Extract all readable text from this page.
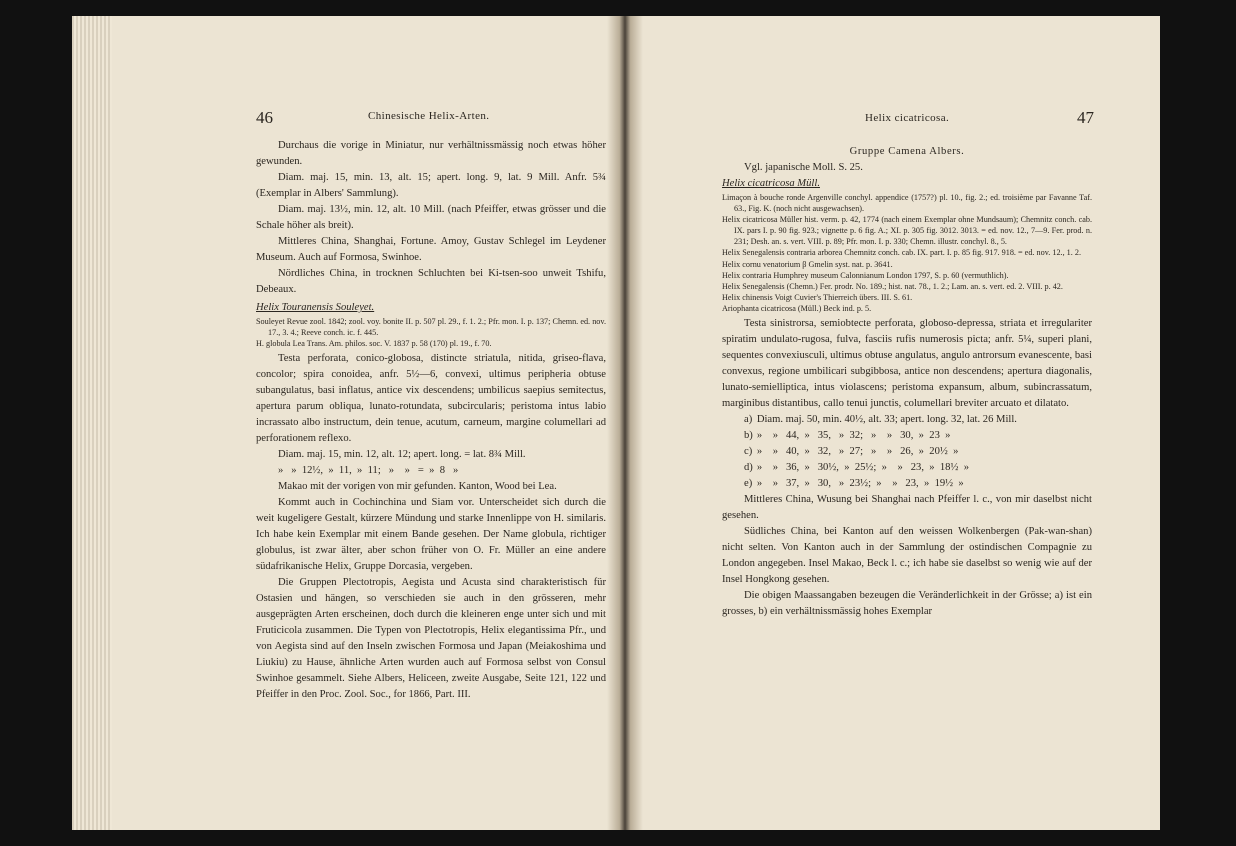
46	Chinesische Helix-Arten.

Durchaus die vorige in Miniatur, nur verhältnissmässig noch etwas höher gewunden.

Diam. maj. 15, min. 13, alt. 15; apert. long. 9, lat. 9 Mill. Anfr. 5¾ (Exemplar in Albers' Sammlung).

Diam. maj. 13½, min. 12, alt. 10 Mill. (nach Pfeiffer, etwas grösser und die Schale höher als breit).

Mittleres China, Shanghai, Fortune. Amoy, Gustav Schlegel im Leydener Museum. Auch auf Formosa, Swinhoe.

Nördliches China, in trocknen Schluchten bei Ki-tsen-soo unweit Tshifu, Debeaux.

Helix Touranensis Souleyet.

Souleyet Revue zool. 1842; zool. voy. bonite II. p. 507 pl. 29., f. 1. 2.; Pfr. mon. I. p. 137; Chemn. ed. nov. 17., 3. 4.; Reeve conch. ic. f. 445.

H. globula Lea Trans. Am. philos. soc. V. 1837 p. 58 (170) pl. 19., f. 70.

Testa perforata, conico-globosa, distincte striatula, nitida, griseo-flava, concolor; spira conoidea, anfr. 5½—6, convexi, ultimus peripheria obtuse subangulatus, basi inflatus, antice vix descendens; umbilicus saepius semitectus, apertura parum obliqua, lunato-rotundata, subcircularis; peristoma intus labio incrassato albo instructum, dein tenue, acutum, carneum, margine columellari ad perforationem reflexo.

Diam. maj. 15, min. 12, alt. 12; apert. long. = lat. 8¾ Mill.

»   »  12½,  »  11,  »  11;   »    »   =  »  8   »

Makao mit der vorigen von mir gefunden. Kanton, Wood bei Lea.

Kommt auch in Cochinchina und Siam vor. Unterscheidet sich durch die weit kugeligere Gestalt, kürzere Mündung und starke Innenlippe von H. similaris. Ich habe kein Exemplar mit einem Bande gesehen. Der Name globula, richtiger globulus, ist zwar älter, aber schon früher von O. Fr. Müller an eine andere südafrikanische Helix, Gruppe Dorcasia, vergeben.

Die Gruppen Plectotropis, Aegista und Acusta sind charakteristisch für Ostasien und hängen, so verschieden sie auch in den grösseren, mehr ausgeprägten Arten erscheinen, doch durch die kleineren enge unter sich und mit Fruticicola zusammen. Die Typen von Plectotropis, Helix elegantissima Pfr., und von Aegista sind auf den Inseln zwischen Formosa und Japan (Meiakoshima und Liukiu) zu Hause, ähnliche Arten wurden auch auf Formosa selbst von Consul Swinhoe gesammelt. Siehe Albers, Heliceen, zweite Ausgabe, Seite 121, 122 und Pfeiffer in den Proc. Zool. Soc., for 1866, Part. III.

Helix cicatricosa.	47

Gruppe Camena Albers.

Vgl. japanische Moll. S. 25.

Helix cicatricosa Müll.

Limaçon à bouche ronde Argenville conchyl. appendice (1757?) pl. 10., fig. 2.; ed. troisième par Favanne Taf. 63., Fig. K. (noch nicht ausgewachsen).

Helix cicatricosa Müller hist. verm. p. 42, 1774 (nach einem Exemplar ohne Mundsaum); Chemnitz conch. cab. IX. pars I. p. 90 fig. 923.; vignette p. 6 fig. A.; XI. p. 305 fig. 3012. 3013. = ed. nov. 12., 7—9. Fer. prod. n. 231; Desh. an. s. vert. VIII. p. 89; Pfr. mon. I. p. 330; Chemn. illustr. conchyl. 8., 5.

Helix Senegalensis contraria arborea Chemnitz conch. cab. IX. part. I. p. 85 fig. 917. 918. = ed. nov. 12., 1. 2.

Helix cornu venatorium β Gmelin syst. nat. p. 3641.

Helix contraria Humphrey museum Calonnianum London 1797, S. p. 60 (vermuthlich).

Helix Senegalensis (Chemn.) Fer. prodr. No. 189.; hist. nat. 78., 1. 2.; Lam. an. s. vert. ed. 2. VIII. p. 42.

Helix chinensis Voigt Cuvier's Thierreich übers. III. S. 61.

Ariophanta cicatricosa (Müll.) Beck ind. p. 5.

Testa sinistrorsa, semiobtecte perforata, globoso-depressa, striata et irregulariter spiratim undulato-rugosa, fulva, fasciis rufis numerosis picta; anfr. 5¼, superi plani, sequentes convexiusculi, ultimus obtuse angulatus, angulo antrorsum evanescente, basi convexus, regione umbilicari subgibbosa, antice non descendens; apertura diagonalis, lunato-semielliptica, intus violascens; peristoma expansum, album, subincrassatum, marginibus distantibus, callo tenui junctis, columellari breviter arcuato et dilatato.

a)	Diam. maj. 50, min. 40½, alt. 33; apert. long. 32, lat. 26 Mill.
b)	»    »   44,  »   35,   »  32;   »    »   30,  »  23  »
c)	»    »   40,  »   32,   »  27;   »    »   26,  »  20½  »
d)	»    »   36,  »   30½,  »  25½;  »    »   23,  »  18½  »
e)	»    »   37,  »   30,   »  23½;  »    »   23,  »  19½  »

Mittleres China, Wusung bei Shanghai nach Pfeiffer l. c., von mir daselbst nicht gesehen.

Südliches China, bei Kanton auf den weissen Wolkenbergen (Pak-wan-shan) nicht selten. Von Kanton auch in der Sammlung der ostindischen Compagnie zu London angegeben. Insel Makao, Beck l. c.; ich habe sie daselbst so wenig wie auf der Insel Hongkong gesehen.

Die obigen Maassangaben bezeugen die Veränderlichkeit in der Grösse; a) ist ein grosses, b) ein verhältnissmässig hohes Exemplar
